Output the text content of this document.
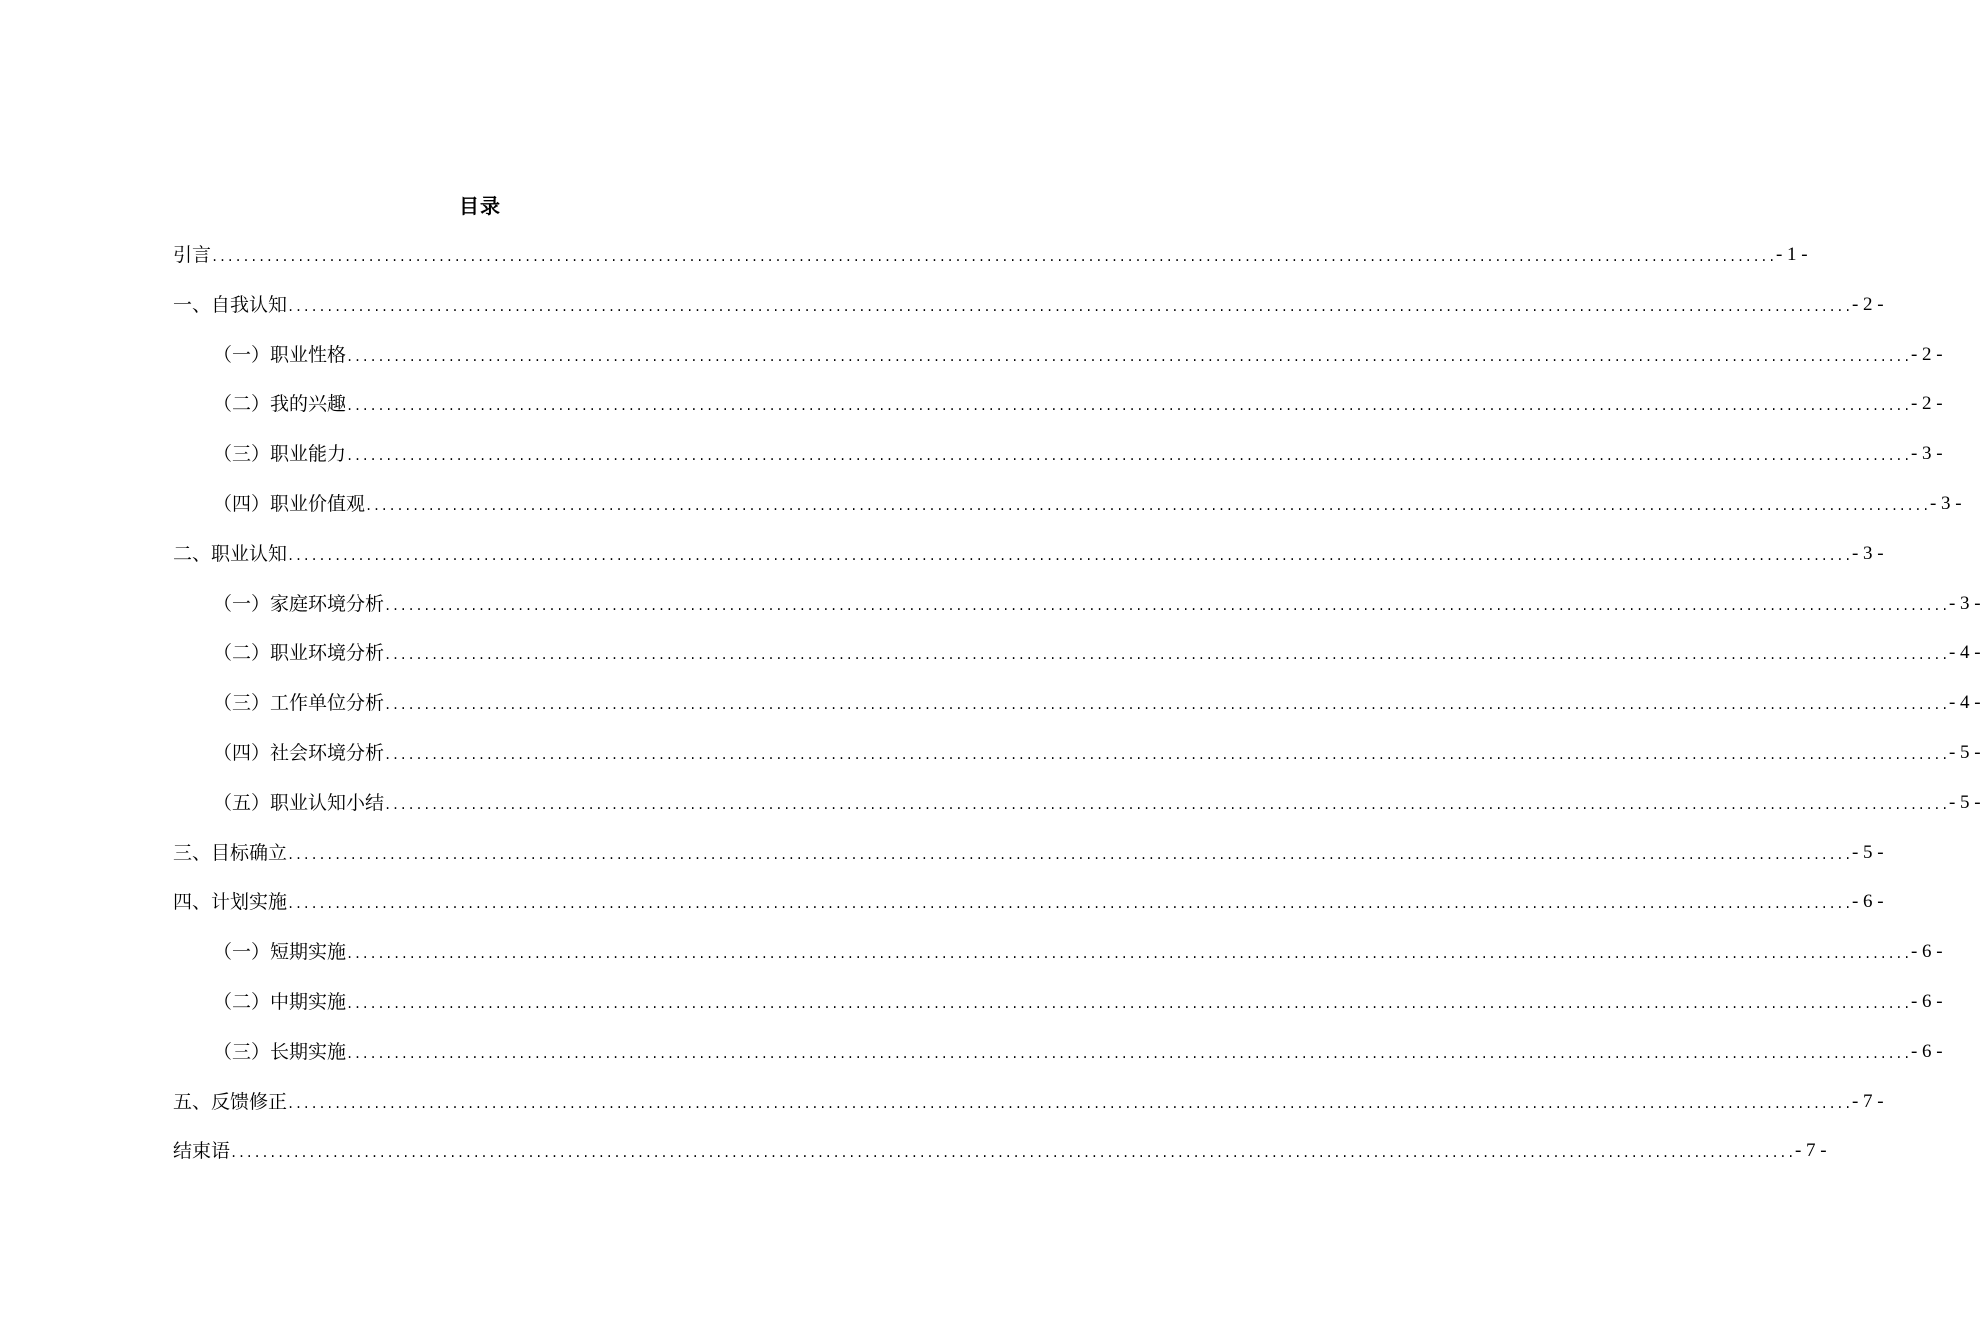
目录
引言 ........................................................................................................................................................................................................ - 1 -
一、自我认知 ........................................................................................................................................................................................................ - 2 -
（一）职业性格 ........................................................................................................................................................................................................ - 2 -
（二）我的兴趣 ........................................................................................................................................................................................................ - 2 -
（三）职业能力 ........................................................................................................................................................................................................ - 3 -
（四）职业价值观 ........................................................................................................................................................................................................ - 3 -
二、职业认知 ........................................................................................................................................................................................................ - 3 -
（一）家庭环境分析 ........................................................................................................................................................................................................ - 3 -
（二）职业环境分析 ........................................................................................................................................................................................................ - 4 -
（三）工作单位分析 ........................................................................................................................................................................................................ - 4 -
（四）社会环境分析 ........................................................................................................................................................................................................ - 5 -
（五）职业认知小结 ........................................................................................................................................................................................................ - 5 -
三、目标确立 ........................................................................................................................................................................................................ - 5 -
四、计划实施 ........................................................................................................................................................................................................ - 6 -
（一）短期实施 ........................................................................................................................................................................................................ - 6 -
（二）中期实施 ........................................................................................................................................................................................................ - 6 -
（三）长期实施 ........................................................................................................................................................................................................ - 6 -
五、反馈修正 ........................................................................................................................................................................................................ - 7 -
结束语 ........................................................................................................................................................................................................ - 7 -
